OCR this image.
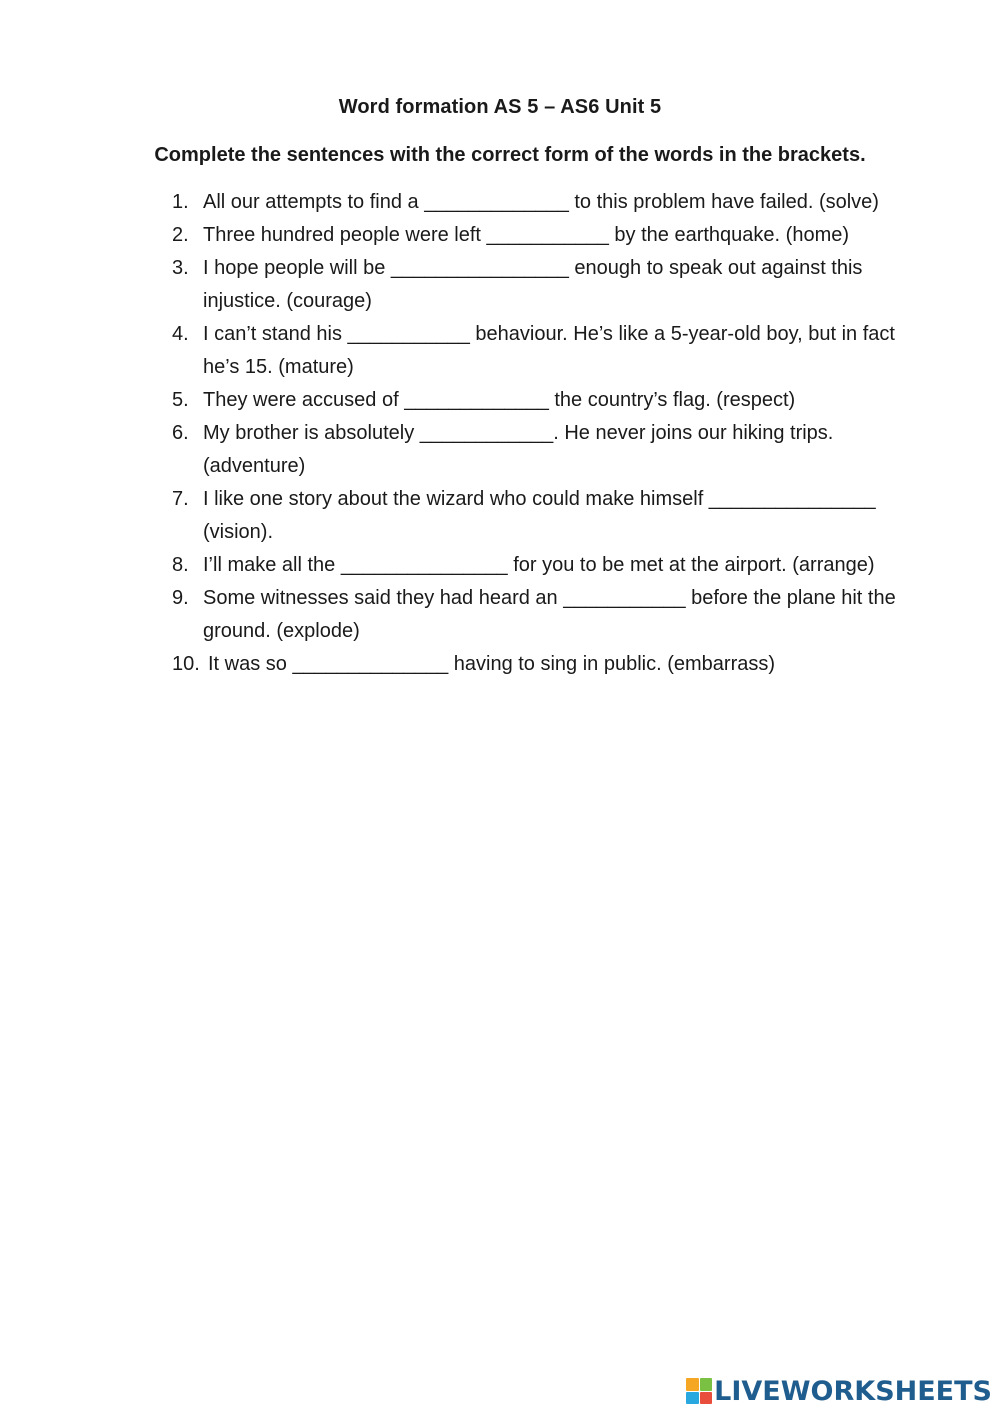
Word formation AS 5 – AS6 Unit 5
Complete the sentences with the correct form of the words in the brackets.
1. All our attempts to find a _____________ to this problem have failed. (solve)
2. Three hundred people were left ___________ by the earthquake. (home)
3. I hope people will be ________________ enough to speak out against this injustice. (courage)
4. I can’t stand his ___________ behaviour. He’s like a 5-year-old boy, but in fact he’s 15. (mature)
5. They were accused of _____________ the country’s flag. (respect)
6. My brother is absolutely ____________. He never joins our hiking trips. (adventure)
7. I like one story about the wizard who could make himself _______________ (vision).
8. I’ll make all the _______________ for you to be met at the airport. (arrange)
9. Some witnesses said they had heard an ___________ before the plane hit the ground. (explode)
10. It was so ______________ having to sing in public. (embarrass)
LIVEWORKSHEETS
